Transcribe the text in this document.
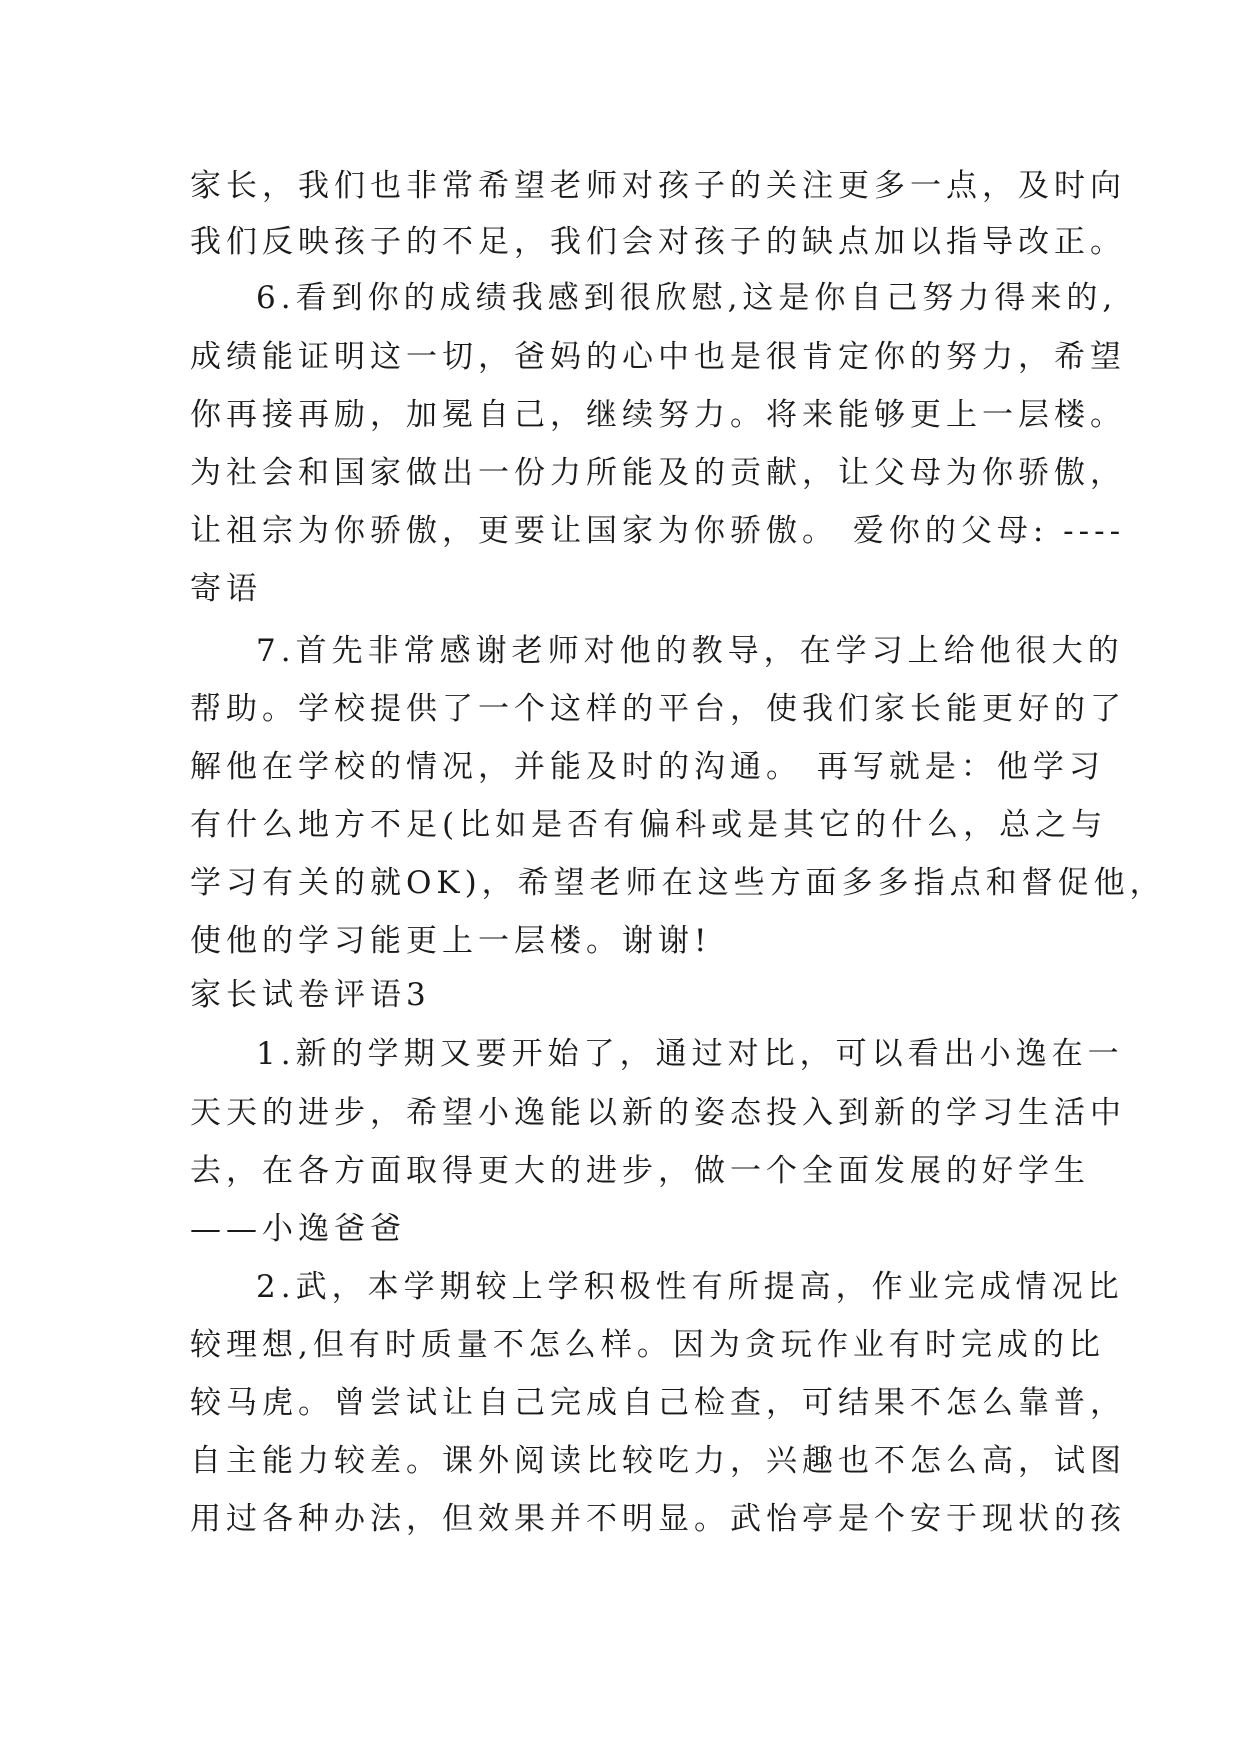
家长，我们也非常希望老师对孩子的关注更多一点，及时向
我们反映孩子的不足，我们会对孩子的缺点加以指导改正。
6.看到你的成绩我感到很欣慰,这是你自己努力得来的,
成绩能证明这一切，爸妈的心中也是很肯定你的努力，希望
你再接再励，加冕自己，继续努力。将来能够更上一层楼。
为社会和国家做出一份力所能及的贡献，让父母为你骄傲，
让祖宗为你骄傲，更要让国家为你骄傲。 爱你的父母: ----
寄语
7.首先非常感谢老师对他的教导，在学习上给他很大的
帮助。学校提供了一个这样的平台，使我们家长能更好的了
解他在学校的情况，并能及时的沟通。 再写就是：他学习
有什么地方不足(比如是否有偏科或是其它的什么，总之与
学习有关的就OK)，希望老师在这些方面多多指点和督促他，
使他的学习能更上一层楼。谢谢!
家长试卷评语3
1.新的学期又要开始了，通过对比，可以看出小逸在一
天天的进步，希望小逸能以新的姿态投入到新的学习生活中
去，在各方面取得更大的进步，做一个全面发展的好学生
——小逸爸爸
2.武，本学期较上学积极性有所提高，作业完成情况比
较理想,但有时质量不怎么样。因为贪玩作业有时完成的比
较马虎。曾尝试让自己完成自己检查，可结果不怎么靠普，
自主能力较差。课外阅读比较吃力，兴趣也不怎么高，试图
用过各种办法，但效果并不明显。武怡亭是个安于现状的孩
